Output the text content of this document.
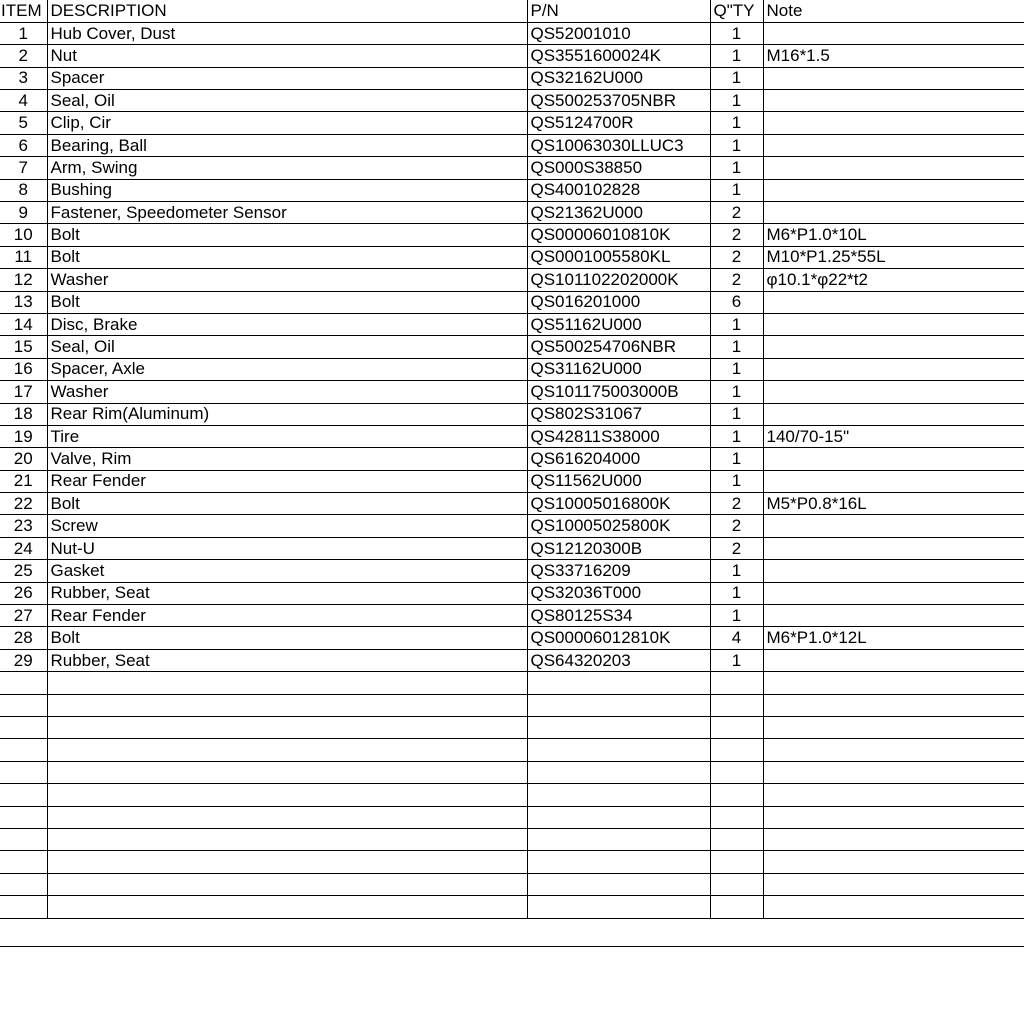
ITEM	DESCRIPTION	P/N	Q"TY	Note
1	Hub Cover, Dust	QS52001010	1	
2	Nut	QS3551600024K	1	M16*1.5
3	Spacer	QS32162U000	1	
4	Seal, Oil	QS500253705NBR	1	
5	Clip, Cir	QS5124700R	1	
6	Bearing, Ball	QS10063030LLUC3	1	
7	Arm, Swing	QS000S38850	1	
8	Bushing	QS400102828	1	
9	Fastener, Speedometer Sensor	QS21362U000	2	
10	Bolt	QS00006010810K	2	M6*P1.0*10L
11	Bolt	QS0001005580KL	2	M10*P1.25*55L
12	Washer	QS101102202000K	2	φ10.1*φ22*t2
13	Bolt	QS016201000	6	
14	Disc, Brake	QS51162U000	1	
15	Seal, Oil	QS500254706NBR	1	
16	Spacer, Axle	QS31162U000	1	
17	Washer	QS101175003000B	1	
18	Rear Rim(Aluminum)	QS802S31067	1	
19	Tire	QS42811S38000	1	140/70-15"
20	Valve, Rim	QS616204000	1	
21	Rear Fender	QS11562U000	1	
22	Bolt	QS10005016800K	2	M5*P0.8*16L
23	Screw	QS10005025800K	2	
24	Nut-U	QS12120300B	2	
25	Gasket	QS33716209	1	
26	Rubber, Seat	QS32036T000	1	
27	Rear Fender	QS80125S34	1	
28	Bolt	QS00006012810K	4	M6*P1.0*12L
29	Rubber, Seat	QS64320203	1	
